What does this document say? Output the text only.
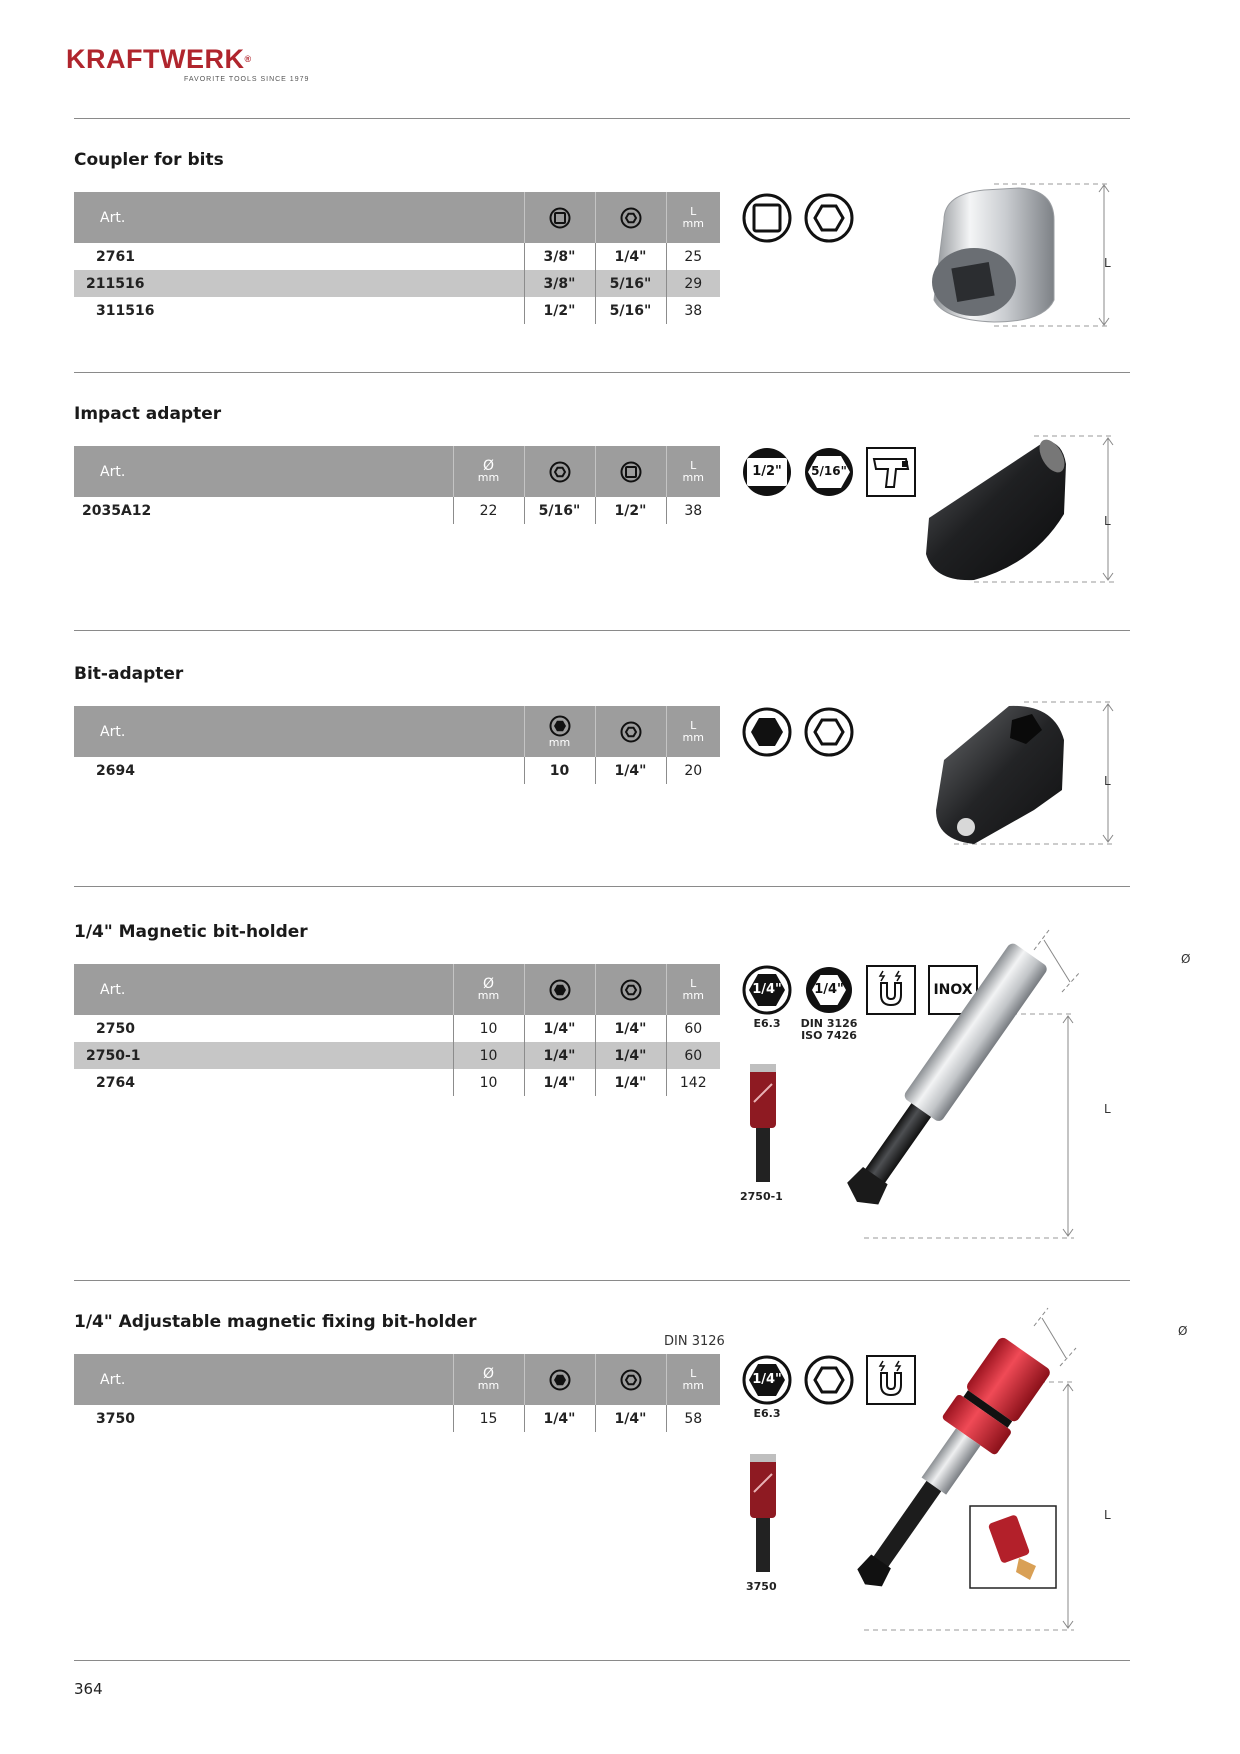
KRAFTWERK®
FAVORITE TOOLS SINCE 1979
Coupler for bits
Art.			L
mm

2761	3/8"	1/4"	25
211516	3/8"	5/16"	29
311516	1/2"	5/16"	38
L
Impact adapter
Art.	Ø
mm			L
mm

2035A12	22	5/16"	1/2"	38
1/2"	5/16"
L
Bit-adapter
Art.	mm		L
mm

2694	10	1/4"	20
L
1/4" Magnetic bit-holder
Art.	Ø
mm			L
mm

2750	10	1/4"	1/4"	60
2750-1	10	1/4"	1/4"	60
2764	10	1/4"	1/4"	142
1/4"
E6.3
1/4"
DIN 3126
ISO 7426
INOX
2750-1
Ø
L
1/4" Adjustable magnetic fixing bit-holder
DIN 3126
Art.	Ø
mm			L
mm

3750	15	1/4"	1/4"	58
1/4"
E6.3
3750
Ø
L
364
